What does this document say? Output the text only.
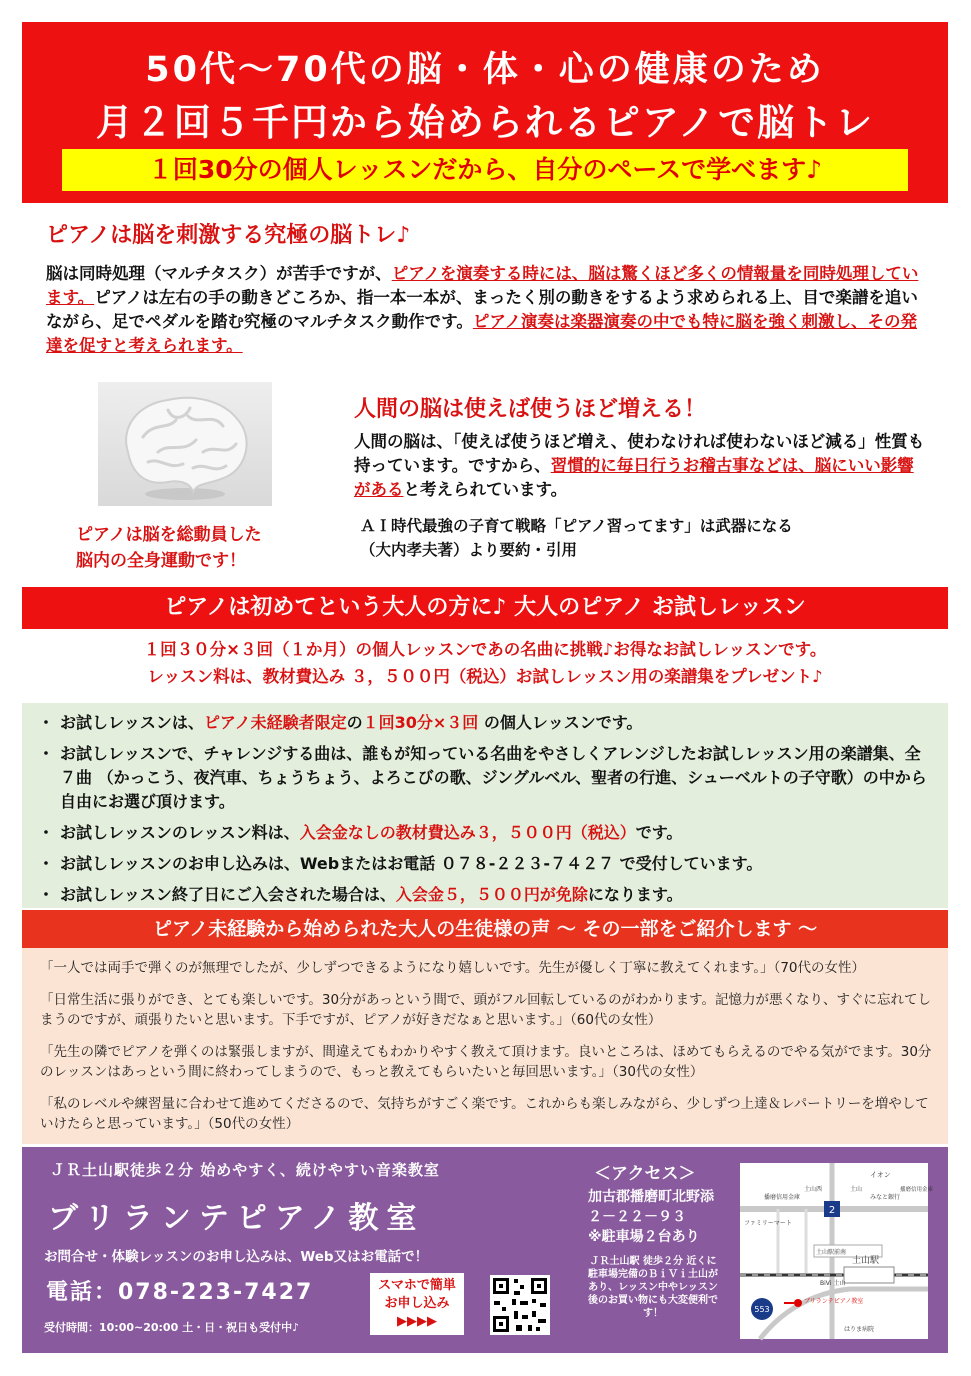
50代～70代の脳・体・心の健康のため
月２回５千円から始められるピアノで脳トレ
１回30分の個人レッスンだから、自分のペースで学べます♪
ピアノは脳を刺激する究極の脳トレ♪
脳は同時処理（マルチタスク）が苦手ですが、ピアノを演奏する時には、脳は驚くほど多くの情報量を同時処理しています。ピアノは左右の手の動きどころか、指一本一本が、まったく別の動きをするよう求められる上、目で楽譜を追いながら、足でペダルを踏む究極のマルチタスク動作です。ピアノ演奏は楽器演奏の中でも特に脳を強く刺激し、その発達を促すと考えられます。
ピアノは脳を総動員した
脳内の全身運動です！
人間の脳は使えば使うほど増える！
人間の脳は、「使えば使うほど増え、使わなければ使わないほど減る」性質も持っています。ですから、習慣的に毎日行うお稽古事などは、脳にいい影響があると考えられています。
ＡＩ時代最強の子育て戦略「ピアノ習ってます」は武器になる
（大内孝夫著）より要約・引用
ピアノは初めてという大人の方に♪ 大人のピアノ お試しレッスン
１回３０分×３回（１か月）の個人レッスンであの名曲に挑戦♪お得なお試しレッスンです。
レッスン料は、教材費込み ３，５００円（税込）お試しレッスン用の楽譜集をプレゼント♪
・ お試しレッスンは、ピアノ未経験者限定の１回30分×３回 の個人レッスンです。
・ お試しレッスンで、チャレンジする曲は、誰もが知っている名曲をやさしくアレンジしたお試しレッスン用の楽譜集、全７曲 （かっこう、夜汽車、ちょうちょう、よろこびの歌、ジングルベル、聖者の行進、シューベルトの子守歌）の中から自由にお選び頂けます。
・ お試しレッスンのレッスン料は、入会金なしの教材費込み３，５００円（税込）です。
・ お試しレッスンのお申し込みは、Webまたはお電話 ０７８-２２３-７４２７ で受付しています。
・ お試しレッスン終了日にご入会された場合は、入会金５，５００円が免除になります。
ピアノ未経験から始められた大人の生徒様の声 ～ その一部をご紹介します ～
「一人では両手で弾くのが無理でしたが、少しずつできるようになり嬉しいです。先生が優しく丁寧に教えてくれます。」（70代の女性）
「日常生活に張りができ、とても楽しいです。30分があっという間で、頭がフル回転しているのがわかります。記憶力が悪くなり、すぐに忘れてしまうのですが、頑張りたいと思います。下手ですが、ピアノが好きだなぁと思います。」（60代の女性）
「先生の隣でピアノを弾くのは緊張しますが、間違えてもわかりやすく教えて頂けます。良いところは、ほめてもらえるのでやる気がでます。30分のレッスンはあっという間に終わってしまうので、もっと教えてもらいたいと毎回思います。」（30代の女性）
「私のレベルや練習量に合わせて進めてくださるので、気持ちがすごく楽です。これからも楽しみながら、少しずつ上達＆レパートリーを増やしていけたらと思っています。」（50代の女性）
ＪＲ土山駅徒歩２分 始めやすく、続けやすい音楽教室
ブリランテピアノ教室
お問合せ・体験レッスンのお申し込みは、Web又はお電話で！
電話：078-223-7427
受付時間：10:00~20:00 土・日・祝日も受付中♪
スマホで簡単
お申し込み
▶▶▶▶
＜アクセス＞
加古郡播磨町北野添
２－２２－９３
※駐車場２台あり
ＪＲ土山駅 徒歩２分 近くに駐車場完備のＢｉＶｉ土山があり、レッスン中やレッスン後のお買い物にも大変便利です！
2
553
イオン
播磨信用金庫
土山西	土山
みなと銀行
播磨信用金庫
ファミリーマート
土山駅前南
土山駅
BiVi 土山
ブリランテピアノ教室
はりま病院
